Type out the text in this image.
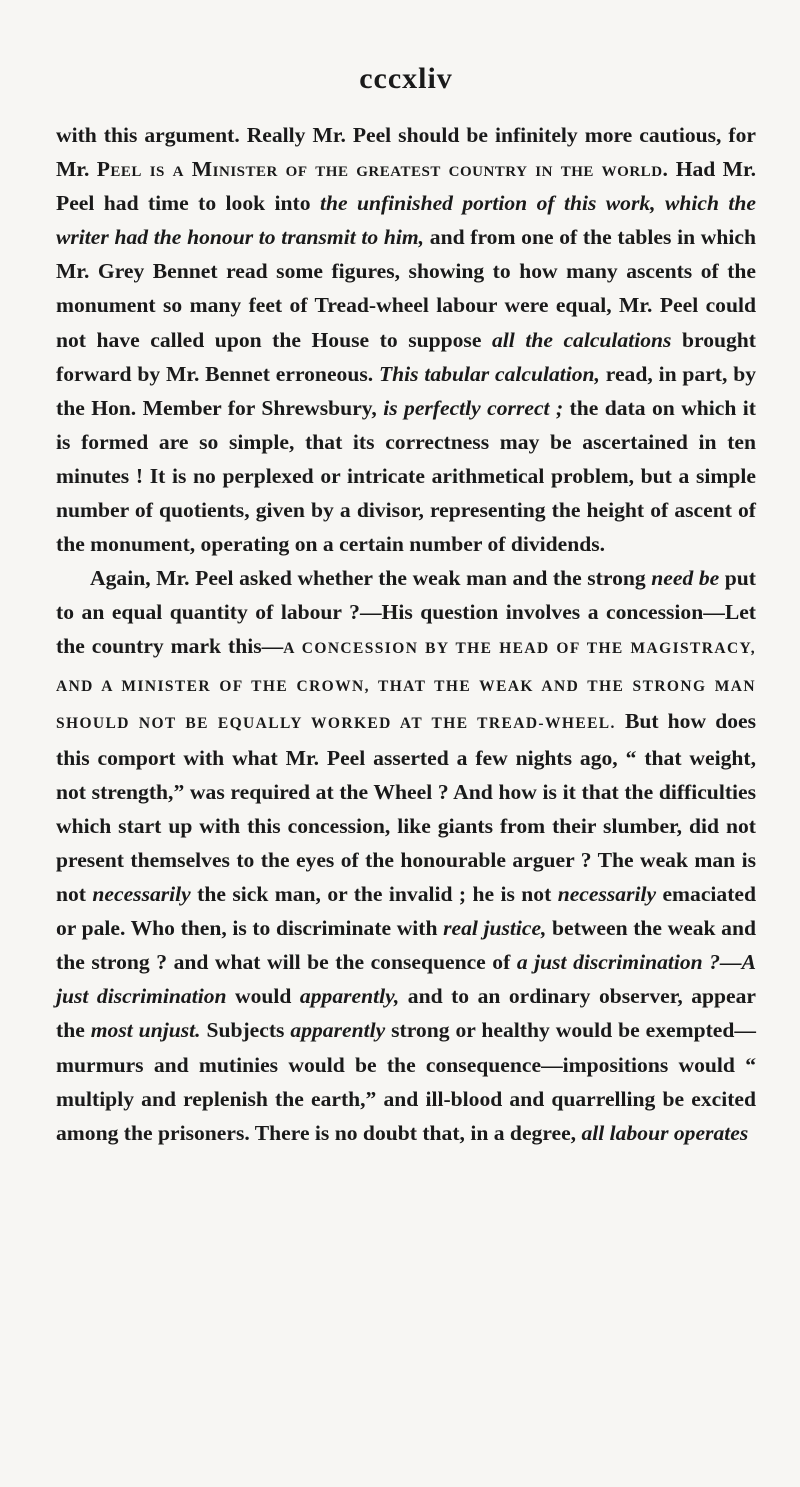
cccxliv

with this argument. Really Mr. Peel should be infinitely more cautious, for Mr. Peel is a Minister of the greatest country in the world. Had Mr. Peel had time to look into the unfinished portion of this work, which the writer had the honour to transmit to him, and from one of the tables in which Mr. Grey Bennet read some figures, showing to how many ascents of the monument so many feet of Tread-wheel labour were equal, Mr. Peel could not have called upon the House to suppose all the calculations brought forward by Mr. Bennet erroneous. This tabular calculation, read, in part, by the Hon. Member for Shrewsbury, is perfectly correct ; the data on which it is formed are so simple, that its correctness may be ascertained in ten minutes ! It is no perplexed or intricate arithmetical problem, but a simple number of quotients, given by a divisor, representing the height of ascent of the monument, operating on a certain number of dividends.

Again, Mr. Peel asked whether the weak man and the strong need be put to an equal quantity of labour ?—His question involves a concession—Let the country mark this—A CONCESSION BY THE HEAD OF THE MAGISTRACY, AND A MINISTER OF THE CROWN, THAT THE WEAK AND THE STRONG MAN SHOULD NOT BE EQUALLY WORKED AT THE TREAD-WHEEL. But how does this comport with what Mr. Peel asserted a few nights ago, “ that weight, not strength,” was required at the Wheel ? And how is it that the difficulties which start up with this concession, like giants from their slumber, did not present themselves to the eyes of the honourable arguer ? The weak man is not necessarily the sick man, or the invalid ; he is not necessarily emaciated or pale. Who then, is to discriminate with real justice, between the weak and the strong ? and what will be the consequence of a just discrimination ?—A just discrimination would apparently, and to an ordinary observer, appear the most unjust. Subjects apparently strong or healthy would be exempted—murmurs and mutinies would be the consequence—impositions would “ multiply and replenish the earth,” and ill-blood and quarrelling be excited among the prisoners. There is no doubt that, in a degree, all labour operates
